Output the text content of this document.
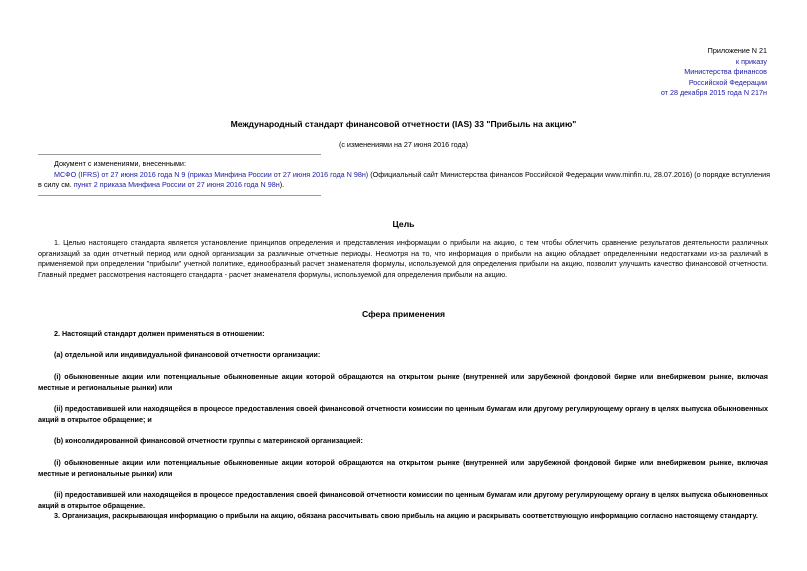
Приложение N 21
к приказу
Министерства финансов
Российской Федерации
от 28 декабря 2015 года N 217н
Международный стандарт финансовой отчетности (IAS) 33 "Прибыль на акцию"
(с изменениями на 27 июня 2016 года)
Документ с изменениями, внесенными:
МСФО (IFRS) от 27 июня 2016 года N 9 (приказ Минфина России от 27 июня 2016 года N 98н) (Официальный сайт Министерства финансов Российской Федерации www.minfin.ru, 28.07.2016) (о порядке вступления
в силу см. пункт 2 приказа Минфина России от 27 июня 2016 года N 98н).
Цель
1. Целью настоящего стандарта является установление принципов определения и представления информации о прибыли на акцию, с тем чтобы облегчить сравнение результатов деятельности различных организаций за один отчетный период или одной организации за различные отчетные периоды. Несмотря на то, что информация о прибыли на акцию обладает определенными недостатками из-за различий в применяемой при определении "прибыли" учетной политике, единообразный расчет знаменателя формулы, используемой для определения прибыли на акцию, позволит улучшить качество финансовой отчетности. Главный предмет рассмотрения настоящего стандарта - расчет знаменателя формулы, используемой для определения прибыли на акцию.
Сфера применения
2. Настоящий стандарт должен применяться в отношении:
(a) отдельной или индивидуальной финансовой отчетности организации:
(i) обыкновенные акции или потенциальные обыкновенные акции которой обращаются на открытом рынке (внутренней или зарубежной фондовой бирже или внебиржевом рынке, включая местные и региональные рынки) или
(ii) предоставившей или находящейся в процессе предоставления своей финансовой отчетности комиссии по ценным бумагам или другому регулирующему органу в целях выпуска обыкновенных акций в открытое обращение; и
(b) консолидированной финансовой отчетности группы с материнской организацией:
(i) обыкновенные акции или потенциальные обыкновенные акции которой обращаются на открытом рынке (внутренней или зарубежной фондовой бирже или внебиржевом рынке, включая местные и региональные рынки) или
(ii) предоставившей или находящейся в процессе предоставления своей финансовой отчетности комиссии по ценным бумагам или другому регулирующему органу в целях выпуска обыкновенных акций в открытое обращение.
3. Организация, раскрывающая информацию о прибыли на акцию, обязана рассчитывать свою прибыль на акцию и раскрывать соответствующую информацию согласно настоящему стандарту.
